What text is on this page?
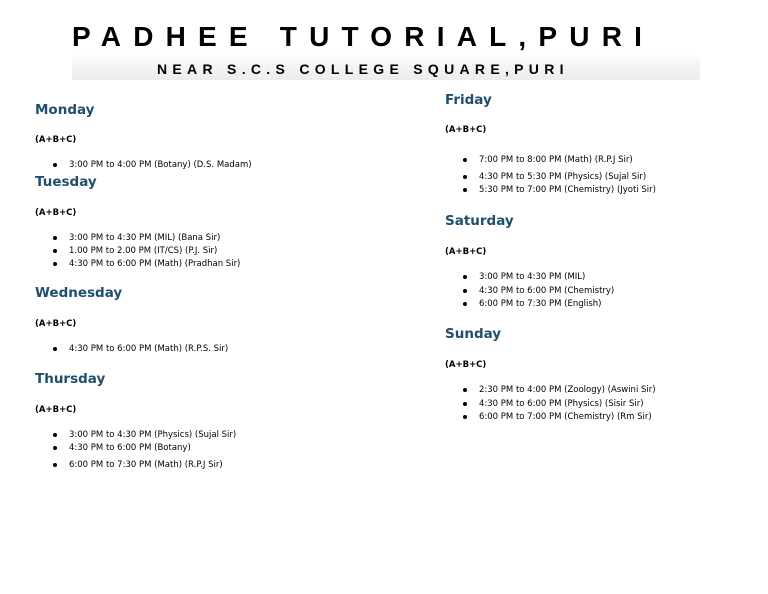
PADHEE TUTORIAL,PURI
NEAR S.C.S COLLEGE SQUARE,PURI
Monday
(A+B+C)
3:00 PM to 4:00 PM (Botany) (D.S. Madam)
Tuesday
(A+B+C)
3:00 PM to 4:30 PM (MIL) (Bana Sir)
1.00 PM to 2.00 PM (IT/CS) (P.J. Sir)
4:30 PM to 6:00 PM (Math) (Pradhan Sir)
Wednesday
(A+B+C)
4:30 PM to 6:00 PM (Math) (R.P.S. Sir)
Thursday
(A+B+C)
3:00 PM to 4:30 PM (Physics) (Sujal Sir)
4:30 PM to 6:00 PM (Botany)
6:00 PM to 7:30 PM (Math) (R.P.J Sir)
Friday
(A+B+C)
7:00 PM to 8:00 PM (Math) (R.P.J Sir)
4:30 PM to 5:30 PM (Physics) (Sujal Sir)
5:30 PM to 7:00 PM (Chemistry) (Jyoti Sir)
Saturday
(A+B+C)
3:00 PM to 4:30 PM (MIL)
4:30 PM to 6:00 PM (Chemistry)
6:00 PM to 7:30 PM (English)
Sunday
(A+B+C)
2:30 PM to 4:00 PM (Zoology) (Aswini Sir)
4:30 PM to 6:00 PM (Physics) (Sisir Sir)
6:00 PM to 7:00 PM (Chemistry) (Rm Sir)
